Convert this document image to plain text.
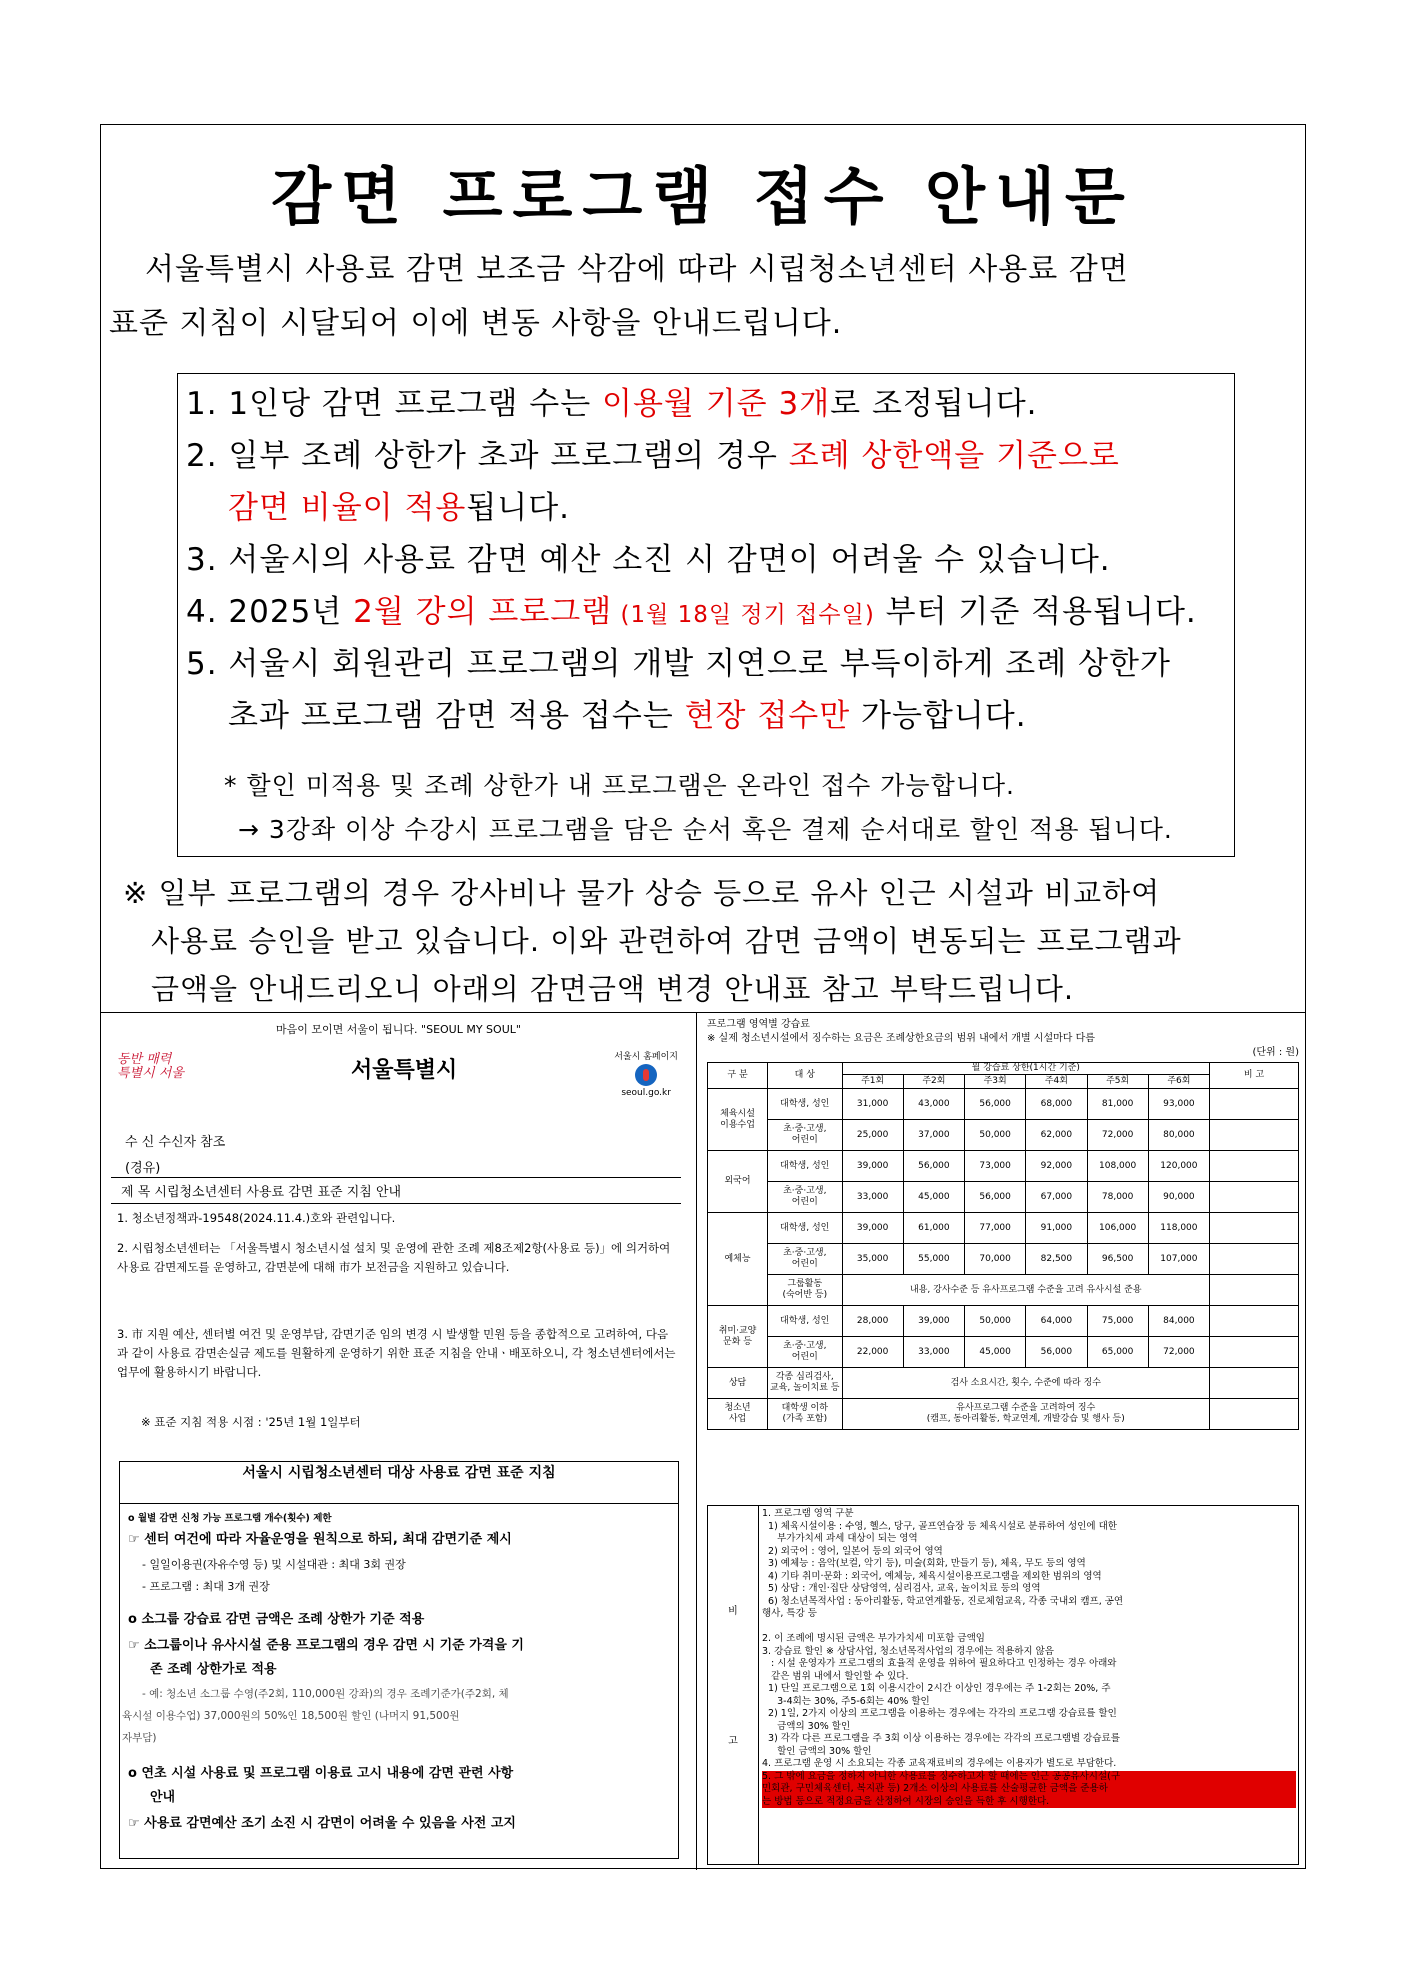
감면 프로그램 접수 안내문
서울특별시 사용료 감면 보조금 삭감에 따라 시립청소년센터 사용료 감면
표준 지침이 시달되어 이에 변동 사항을 안내드립니다.
1. 1인당 감면 프로그램 수는 이용월 기준 3개로 조정됩니다.
2. 일부 조례 상한가 초과 프로그램의 경우 조례 상한액을 기준으로
감면 비율이 적용됩니다.
3. 서울시의 사용료 감면 예산 소진 시 감면이 어려울 수 있습니다.
4. 2025년 2월 강의 프로그램 (1월 18일 정기 접수일) 부터 기준 적용됩니다.
5. 서울시 회원관리 프로그램의 개발 지연으로 부득이하게 조례 상한가
초과 프로그램 감면 적용 접수는 현장 접수만 가능합니다.
* 할인 미적용 및 조례 상한가 내 프로그램은 온라인 접수 가능합니다.
→ 3강좌 이상 수강시 프로그램을 담은 순서 혹은 결제 순서대로 할인 적용 됩니다.
※ 일부 프로그램의 경우 강사비나 물가 상승 등으로 유사 인근 시설과 비교하여
사용료 승인을 받고 있습니다. 이와 관련하여 감면 금액이 변동되는 프로그램과
금액을 안내드리오니 아래의 감면금액 변경 안내표 참고 부탁드립니다.
마음이 모이면 서울이 됩니다. "SEOUL MY SOUL"
동반 매력
특별시 서울	서울특별시
서울시 홈페이지
seoul.go.kr
수 신 수신자 참조
(경유)
제 목 시립청소년센터 사용료 감면 표준 지침 안내
1. 청소년정책과-19548(2024.11.4.)호와 관련입니다.
2. 시립청소년센터는 「서울특별시 청소년시설 설치 및 운영에 관한 조례 제8조제2항(사용료 등)」에 의거하여 사용료 감면제도를 운영하고, 감면분에 대해 市가 보전금을 지원하고 있습니다.
3. 市 지원 예산, 센터별 여건 및 운영부담, 감면기준 임의 변경 시 발생할 민원 등을 종합적으로 고려하여, 다음과 같이 사용료 감면손실금 제도를 원활하게 운영하기 위한 표준 지침을 안내ㆍ배포하오니, 각 청소년센터에서는 업무에 활용하시기 바랍니다.
※ 표준 지침 적용 시점 : '25년 1월 1일부터
서울시 시립청소년센터 대상 사용료 감면 표준 지침
o 월별 감면 신청 가능 프로그램 개수(횟수) 제한
☞ 센터 여건에 따라 자율운영을 원칙으로 하되, 최대 감면기준 제시
- 일일이용권(자유수영 등) 및 시설대관 : 최대 3회 권장
- 프로그램 : 최대 3개 권장
o 소그룹 강습료 감면 금액은 조례 상한가 기준 적용
☞ 소그룹이나 유사시설 준용 프로그램의 경우 감면 시 기준 가격을 기
존 조례 상한가로 적용
- 예: 청소년 소그룹 수영(주2회, 110,000원 강좌)의 경우 조례기준가(주2회, 체
육시설 이용수업) 37,000원의 50%인 18,500원 할인 (나머지 91,500원
자부담)
o 연초 시설 사용료 및 프로그램 이용료 고시 내용에 감면 관련 사항
안내
☞ 사용료 감면예산 조기 소진 시 감면이 어려울 수 있음을 사전 고지
프로그램 영역별 강습료
※ 실제 청소년시설에서 징수하는 요금은 조례상한요금의 범위 내에서 개별 시설마다 다름
(단위 : 원)
구 분	대 상	월 강습료 상한(1시간 기준)						비 고
		주1회	주2회	주3회	주4회	주5회	주6회	
체육시설
이용수업	대학생, 성인	31,000	43,000	56,000	68,000	81,000	93,000	
	초·중·고생,
어린이	25,000	37,000	50,000	62,000	72,000	80,000	
외국어	대학생, 성인	39,000	56,000	73,000	92,000	108,000	120,000	
	초·중·고생,
어린이	33,000	45,000	56,000	67,000	78,000	90,000	
예체능	대학생, 성인	39,000	61,000	77,000	91,000	106,000	118,000	
	초·중·고생,
어린이	35,000	55,000	70,000	82,500	96,500	107,000	
	그룹활동
(숙어반 등)	내용, 강사수준 등 유사프로그램 수준을 고려 유사시설 준용						
취미·교양
문화 등	대학생, 성인	28,000	39,000	50,000	64,000	75,000	84,000	
	초·중·고생,
어린이	22,000	33,000	45,000	56,000	65,000	72,000	
상담	각종 심리검사,
교육, 놀이치료 등	검사 소요시간, 횟수, 수준에 따라 징수						
청소년
사업	대학생 이하
(가족 포함)	유사프로그램 수준을 고려하여 징수
(캠프, 동아리활동, 학교연계, 개발강습 및 행사 등)						
비
고
1. 프로그램 영역 구분
1) 체육시설이용 : 수영, 헬스, 당구, 골프연습장 등 체육시설로 분류하여 성인에 대한
부가가치세 과세 대상이 되는 영역
2) 외국어 : 영어, 일본어 등의 외국어 영역
3) 예체능 : 음악(보컬, 악기 등), 미술(회화, 만들기 등), 체육, 무도 등의 영역
4) 기타 취미·문화 : 외국어, 예체능, 체육시설이용프로그램을 제외한 범위의 영역
5) 상담 : 개인·집단 상담영역, 심리검사, 교육, 놀이치료 등의 영역
6) 청소년목적사업 : 동아리활동, 학교연계활동, 진로체험교육, 각종 국내외 캠프, 공연
행사, 특강 등

2. 이 조례에 명시된 금액은 부가가치세 미포함 금액임
3. 강습료 할인 ※ 상담사업, 청소년목적사업의 경우에는 적용하지 않음
: 시설 운영자가 프로그램의 효율적 운영을 위하여 필요하다고 인정하는 경우 아래와
같은 범위 내에서 할인할 수 있다.
1) 단일 프로그램으로 1회 이용시간이 2시간 이상인 경우에는 주 1-2회는 20%, 주
3-4회는 30%, 주5-6회는 40% 할인
2) 1일, 2가지 이상의 프로그램을 이용하는 경우에는 각각의 프로그램 강습료를 할인
금액의 30% 할인
3) 각각 다른 프로그램을 주 3회 이상 이용하는 경우에는 각각의 프로그램별 강습료를
할인 금액의 30% 할인
4. 프로그램 운영 시 소요되는 각종 교육재료비의 경우에는 이용자가 별도로 부담한다.
5. 그 밖에 요금을 정하지 아니한 사용료를 징수하고자 할 때에는 인근 공공유사시설(구
민회관, 구민체육센터, 복지관 등) 2개소 이상의 사용료를 산술평균한 금액을 준용하
는 방법 등으로 적정요금을 산정하여 시장의 승인을 득한 후 시행한다.
